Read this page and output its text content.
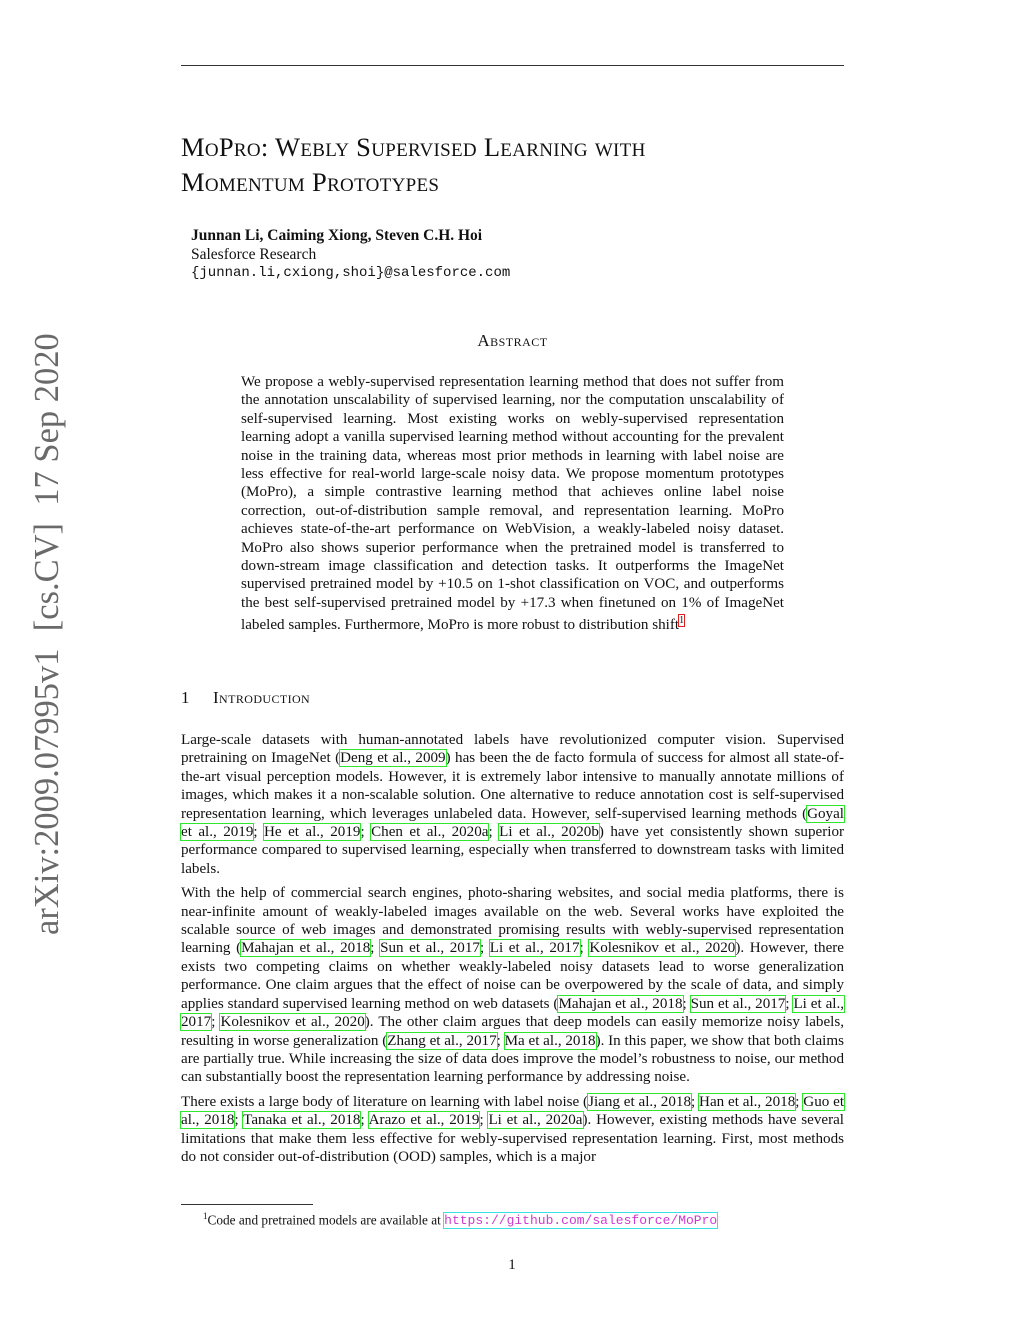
MoPro: Webly Supervised Learning with
Momentum Prototypes
Junnan Li, Caiming Xiong, Steven C.H. Hoi
Salesforce Research
{junnan.li,cxiong,shoi}@salesforce.com
arXiv:2009.07995v1  [cs.CV]  17 Sep 2020	Abstract
We propose a webly-supervised representation learning method that does not suffer from the annotation unscalability of supervised learning, nor the computation unscalability of self-supervised learning. Most existing works on webly-supervised representation learning adopt a vanilla supervised learning method without accounting for the prevalent noise in the training data, whereas most prior methods in learning with label noise are less effective for real-world large-scale noisy data. We propose momentum prototypes (MoPro), a simple contrastive learning method that achieves online label noise correction, out-of-distribution sample removal, and representation learning. MoPro achieves state-of-the-art performance on WebVision, a weakly-labeled noisy dataset. MoPro also shows superior performance when the pretrained model is transferred to down-stream image classification and detection tasks. It outperforms the ImageNet supervised pretrained model by +10.5 on 1-shot classification on VOC, and outperforms the best self-supervised pretrained model by +17.3 when finetuned on 1% of ImageNet labeled samples. Furthermore, MoPro is more robust to distribution shift$^1$
1 Introduction

Large-scale datasets with human-annotated labels have revolutionized computer vision. Supervised pretraining on ImageNet (Deng et al., 2009) has been the de facto formula of success for almost all state-of-the-art visual perception models. However, it is extremely labor intensive to manually annotate millions of images, which makes it a non-scalable solution. One alternative to reduce annotation cost is self-supervised representation learning, which leverages unlabeled data. However, self-supervised learning methods (Goyal et al., 2019; He et al., 2019; Chen et al., 2020a; Li et al., 2020b) have yet consistently shown superior performance compared to supervised learning, especially when transferred to downstream tasks with limited labels.

With the help of commercial search engines, photo-sharing websites, and social media platforms, there is near-infinite amount of weakly-labeled images available on the web. Several works have exploited the scalable source of web images and demonstrated promising results with webly-supervised representation learning (Mahajan et al., 2018; Sun et al., 2017; Li et al., 2017; Kolesnikov et al., 2020). However, there exists two competing claims on whether weakly-labeled noisy datasets lead to worse generalization performance. One claim argues that the effect of noise can be overpowered by the scale of data, and simply applies standard supervised learning method on web datasets (Mahajan et al., 2018; Sun et al., 2017; Li et al., 2017; Kolesnikov et al., 2020). The other claim argues that deep models can easily memorize noisy labels, resulting in worse generalization (Zhang et al., 2017; Ma et al., 2018). In this paper, we show that both claims are partially true. While increasing the size of data does improve the model’s robustness to noise, our method can substantially boost the representation learning performance by addressing noise.

There exists a large body of literature on learning with label noise (Jiang et al., 2018; Han et al., 2018; Guo et al., 2018; Tanaka et al., 2018; Arazo et al., 2019; Li et al., 2020a). However, existing methods have several limitations that make them less effective for webly-supervised representation learning. First, most methods do not consider out-of-distribution (OOD) samples, which is a major

$^1$Code and pretrained models are available at https://github.com/salesforce/MoPro
1
